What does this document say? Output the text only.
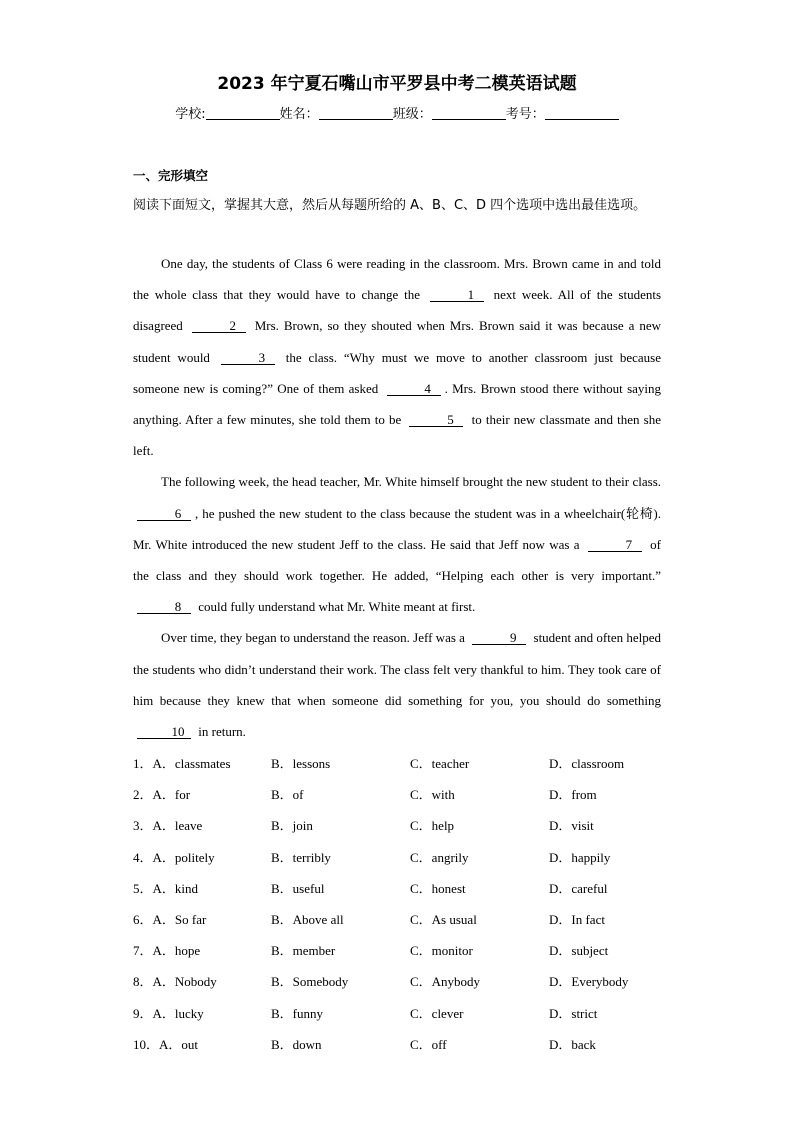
2023 年宁夏石嘴山市平罗县中考二模英语试题
学校:	姓名：	班级：	考号：
一、完形填空
阅读下面短文，掌握其大意，然后从每题所给的 A、B、C、D 四个选项中选出最佳选项。

One day, the students of Class 6 were reading in the classroom. Mrs. Brown came in and told the whole class that they would have to change the	1 next week. All of the students disagreed	2 Mrs. Brown, so they shouted when Mrs. Brown said it was because a new student would	3 the class. “Why must we move to another classroom just because someone new is coming?” One of them asked	4 . Mrs. Brown stood there without saying anything. After a few minutes, she told them to be	5 to their new classmate and then she left.

The following week, the head teacher, Mr. White himself brought the new student to their class.6 , he pushed the new student to the class because the student was in a wheelchair(轮椅). Mr. White introduced the new student Jeff to the class. He said that Jeff now was a	7 of the class and they should work together. He added, “Helping each other is very important.” 8 could fully understand what Mr. White meant at first.

Over time, they began to understand the reason. Jeff was a	9 student and often helped the students who didn’t understand their work. The class felt very thankful to him. They took care of him because they knew that when someone did something for you, you should do something 10 in return.

1．A．classmates	B．lessons	C．teacher	D．classroom
2．A．for	B．of	C．with	D．from
3．A．leave	B．join	C．help	D．visit
4．A．politely	B．terribly	C．angrily	D．happily
5．A．kind	B．useful	C．honest	D．careful
6．A．So far	B．Above all	C．As usual	D．In fact
7．A．hope	B．member	C．monitor	D．subject
8．A．Nobody	B．Somebody	C．Anybody	D．Everybody
9．A．lucky	B．funny	C．clever	D．strict
10．A．out	B．down	C．off	D．back
